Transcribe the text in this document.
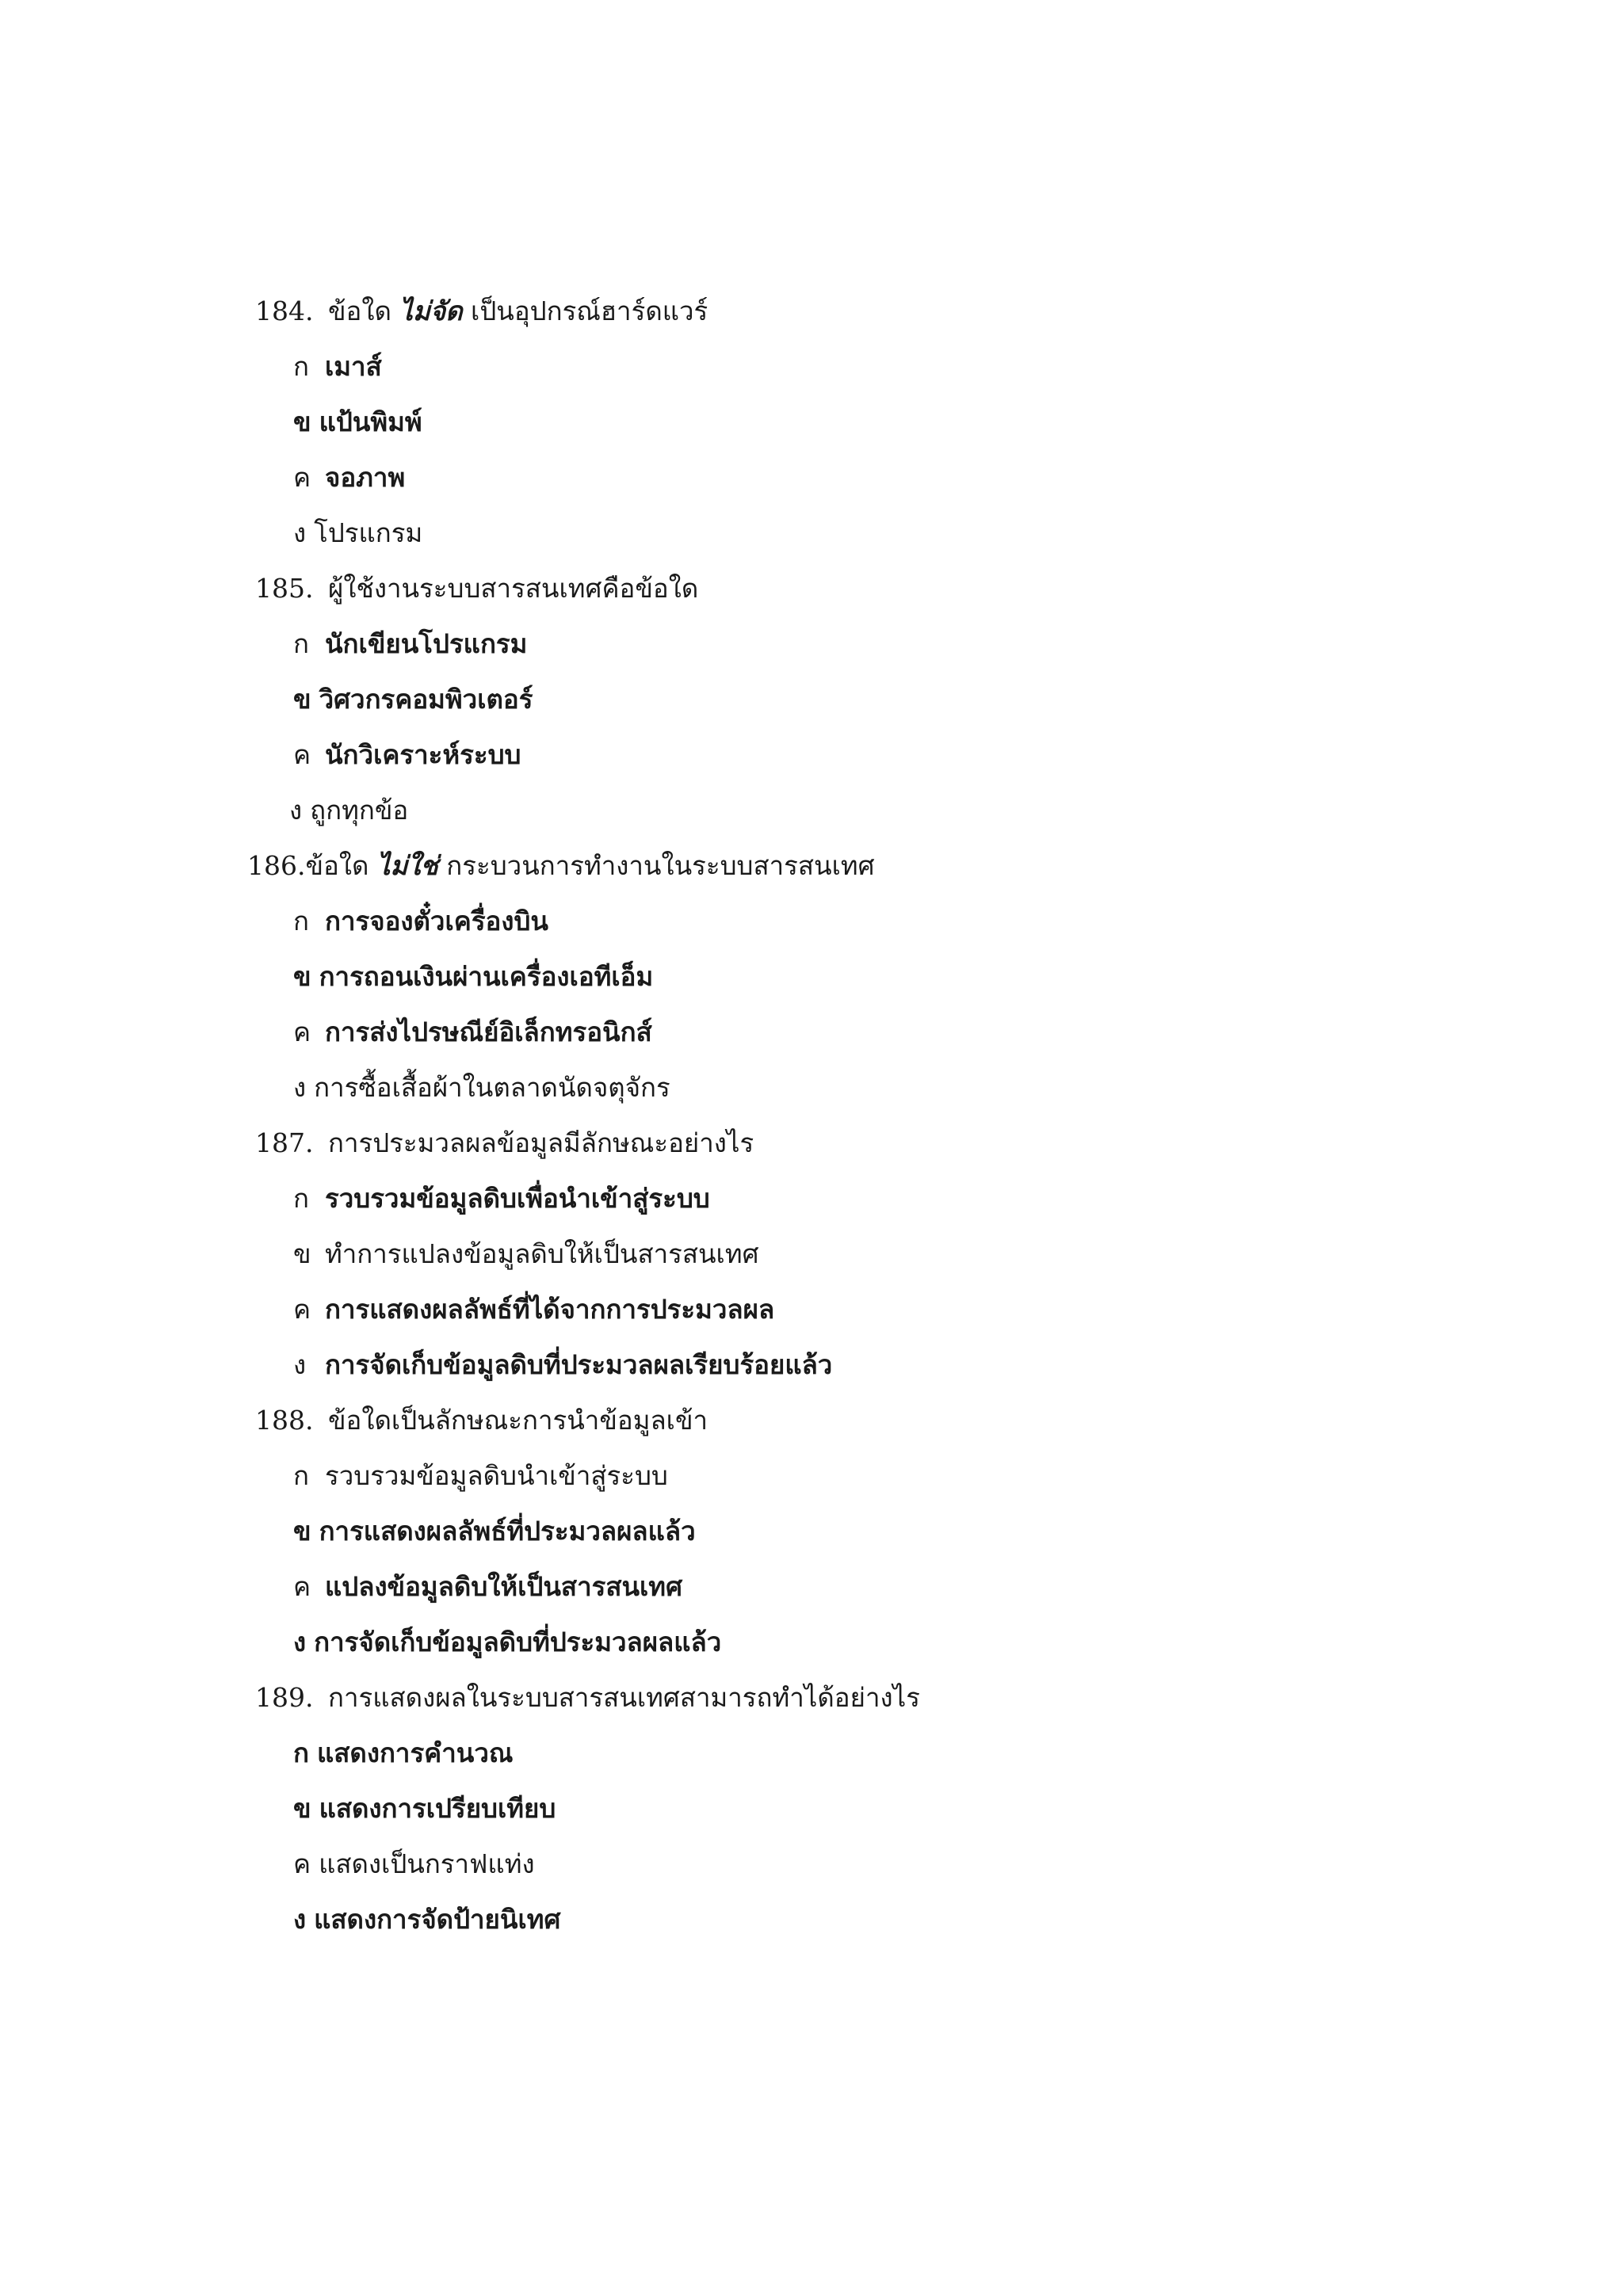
184. ข้อใด ไม่จัด เป็นอุปกรณ์ฮาร์ดแวร์
ก เมาส์
ข แป้นพิมพ์
ค จอภาพ
ง โปรแกรม
185. ผู้ใช้งานระบบสารสนเทศคือข้อใด
ก นักเขียนโปรแกรม
ข วิศวกรคอมพิวเตอร์
ค นักวิเคราะห์ระบบ
ง ถูกทุกข้อ
186.ข้อใด ไม่ใช่ กระบวนการทำงานในระบบสารสนเทศ
ก การจองตั๋วเครื่องบิน
ข การถอนเงินผ่านเครื่องเอทีเอ็ม
ค การส่งไปรษณีย์อิเล็กทรอนิกส์
ง การซื้อเสื้อผ้าในตลาดนัดจตุจักร
187. การประมวลผลข้อมูลมีลักษณะอย่างไร
ก รวบรวมข้อมูลดิบเพื่อนำเข้าสู่ระบบ
ข ทำการแปลงข้อมูลดิบให้เป็นสารสนเทศ
ค การแสดงผลลัพธ์ที่ได้จากการประมวลผล
ง การจัดเก็บข้อมูลดิบที่ประมวลผลเรียบร้อยแล้ว
188. ข้อใดเป็นลักษณะการนำข้อมูลเข้า
ก รวบรวมข้อมูลดิบนำเข้าสู่ระบบ
ข การแสดงผลลัพธ์ที่ประมวลผลแล้ว
ค แปลงข้อมูลดิบให้เป็นสารสนเทศ
ง การจัดเก็บข้อมูลดิบที่ประมวลผลแล้ว
189. การแสดงผลในระบบสารสนเทศสามารถทำได้อย่างไร
ก แสดงการคำนวณ
ข แสดงการเปรียบเทียบ
ค แสดงเป็นกราฟแท่ง
ง แสดงการจัดป้ายนิเทศ
